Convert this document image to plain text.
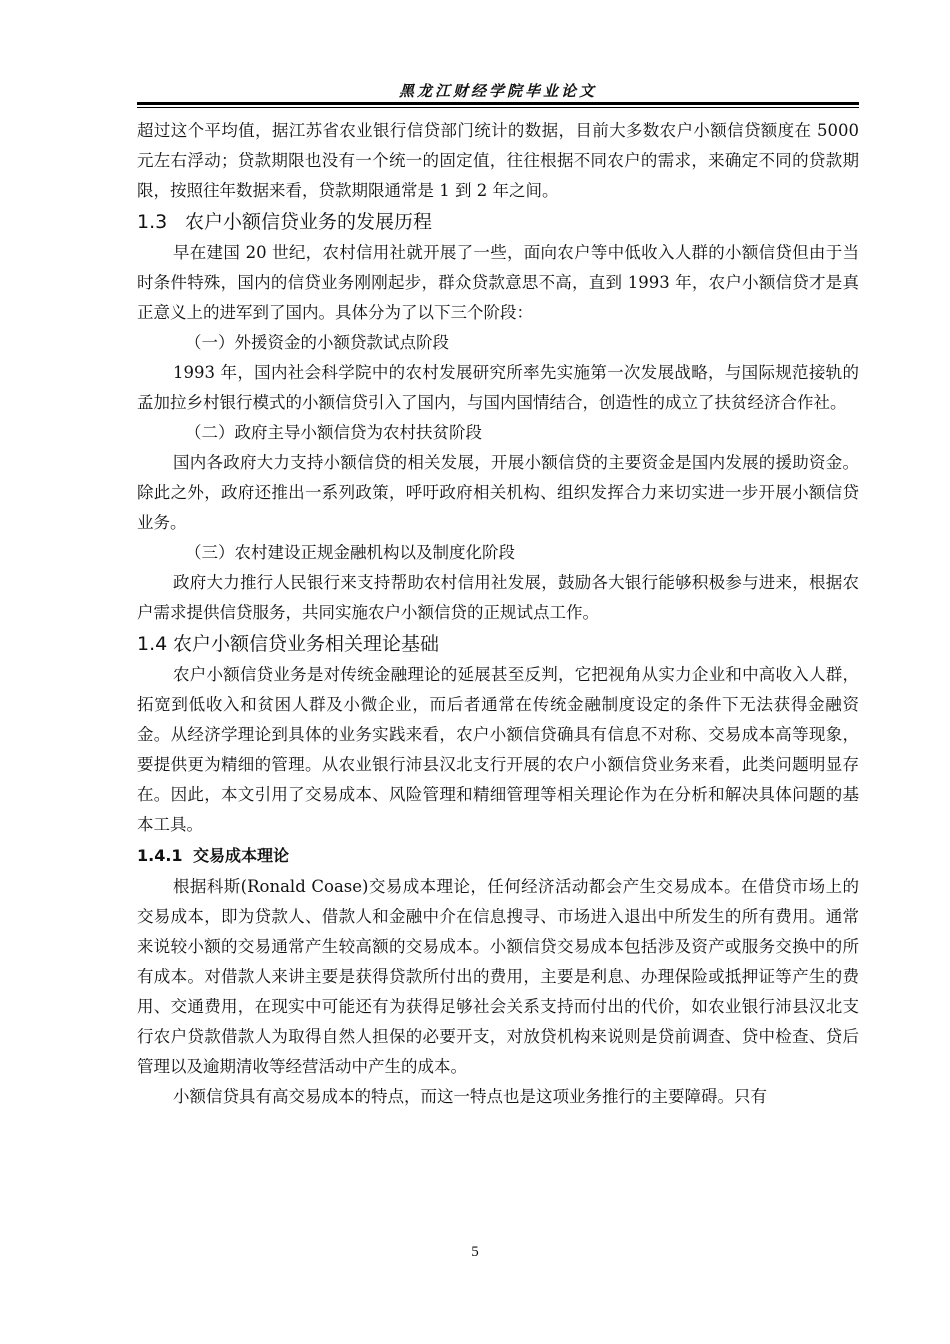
黑龙江财经学院毕业论文

超过这个平均值，据江苏省农业银行信贷部门统计的数据，目前大多数农户小额信贷额度在 5000 元左右浮动；贷款期限也没有一个统一的固定值，往往根据不同农户的需求，来确定不同的贷款期限，按照往年数据来看，贷款期限通常是 1 到 2 年之间。

1.3 农户小额信贷业务的发展历程

早在建国 20 世纪，农村信用社就开展了一些，面向农户等中低收入人群的小额信贷但由于当时条件特殊，国内的信贷业务刚刚起步，群众贷款意思不高，直到 1993 年，农户小额信贷才是真正意义上的进军到了国内。具体分为了以下三个阶段：

（一）外援资金的小额贷款试点阶段

1993 年，国内社会科学院中的农村发展研究所率先实施第一次发展战略，与国际规范接轨的孟加拉乡村银行模式的小额信贷引入了国内，与国内国情结合，创造性的成立了扶贫经济合作社。

（二）政府主导小额信贷为农村扶贫阶段

国内各政府大力支持小额信贷的相关发展，开展小额信贷的主要资金是国内发展的援助资金。除此之外，政府还推出一系列政策，呼吁政府相关机构、组织发挥合力来切实进一步开展小额信贷业务。

（三）农村建设正规金融机构以及制度化阶段

政府大力推行人民银行来支持帮助农村信用社发展，鼓励各大银行能够积极参与进来，根据农户需求提供信贷服务，共同实施农户小额信贷的正规试点工作。

1.4 农户小额信贷业务相关理论基础

农户小额信贷业务是对传统金融理论的延展甚至反判，它把视角从实力企业和中高收入人群，拓宽到低收入和贫困人群及小微企业，而后者通常在传统金融制度设定的条件下无法获得金融资金。从经济学理论到具体的业务实践来看，农户小额信贷确具有信息不对称、交易成本高等现象，要提供更为精细的管理。从农业银行沛县汉北支行开展的农户小额信贷业务来看，此类问题明显存在。因此，本文引用了交易成本、风险管理和精细管理等相关理论作为在分析和解决具体问题的基本工具。

1.4.1 交易成本理论

根据科斯(Ronald Coase)交易成本理论，任何经济活动都会产生交易成本。在借贷市场上的交易成本，即为贷款人、借款人和金融中介在信息搜寻、市场进入退出中所发生的所有费用。通常来说较小额的交易通常产生较高额的交易成本。小额信贷交易成本包括涉及资产或服务交换中的所有成本。对借款人来讲主要是获得贷款所付出的费用，主要是利息、办理保险或抵押证等产生的费用、交通费用，在现实中可能还有为获得足够社会关系支持而付出的代价，如农业银行沛县汉北支行农户贷款借款人为取得自然人担保的必要开支，对放贷机构来说则是贷前调查、贷中检查、贷后管理以及逾期清收等经营活动中产生的成本。

小额信贷具有高交易成本的特点，而这一特点也是这项业务推行的主要障碍。只有

5
